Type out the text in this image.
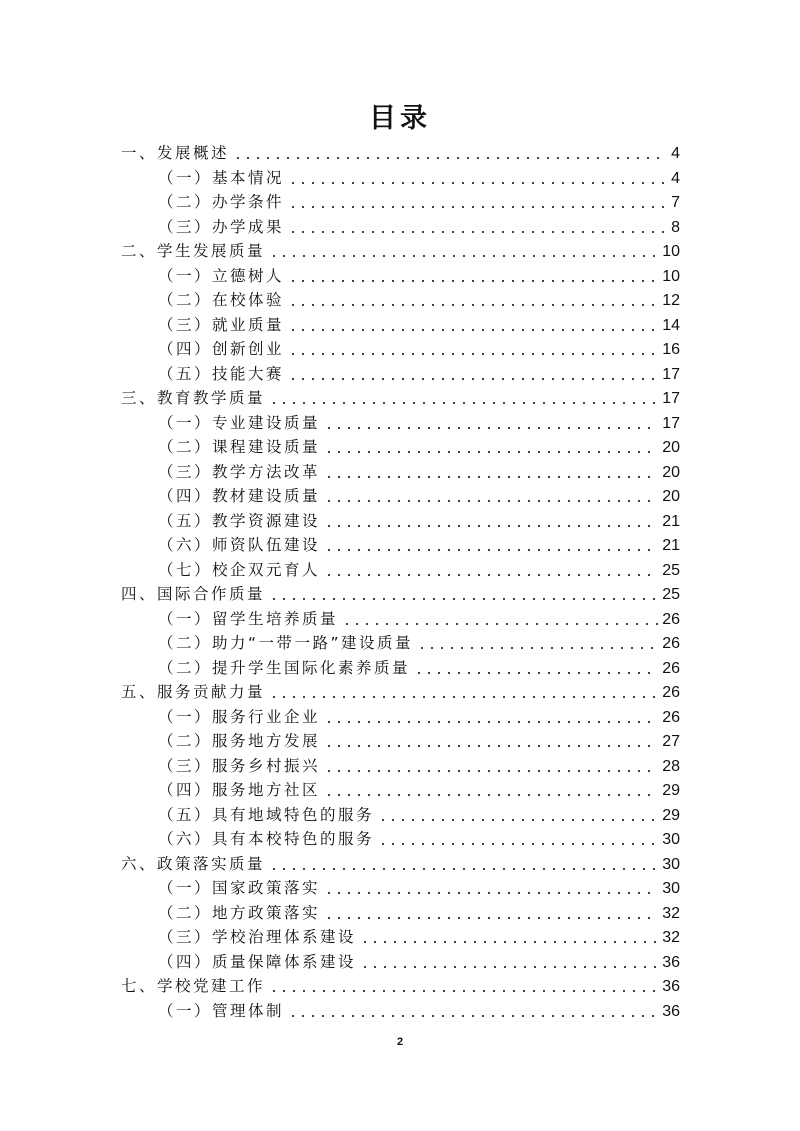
目录
一、发展概述	4
（一）基本情况	4
（二）办学条件	7
（三）办学成果	8
二、学生发展质量	10
（一）立德树人	10
（二）在校体验	12
（三）就业质量	14
（四）创新创业	16
（五）技能大赛	17
三、教育教学质量	17
（一）专业建设质量	17
（二）课程建设质量	20
（三）教学方法改革	20
（四）教材建设质量	20
（五）教学资源建设	21
（六）师资队伍建设	21
（七）校企双元育人	25
四、国际合作质量	25
（一）留学生培养质量	26
（二）助力“一带一路”建设质量	26
（二）提升学生国际化素养质量	26
五、服务贡献力量	26
（一）服务行业企业	26
（二）服务地方发展	27
（三）服务乡村振兴	28
（四）服务地方社区	29
（五）具有地域特色的服务	29
（六）具有本校特色的服务	30
六、政策落实质量	30
（一）国家政策落实	30
（二）地方政策落实	32
（三）学校治理体系建设	32
（四）质量保障体系建设	36
七、学校党建工作	36
（一）管理体制	36
2
